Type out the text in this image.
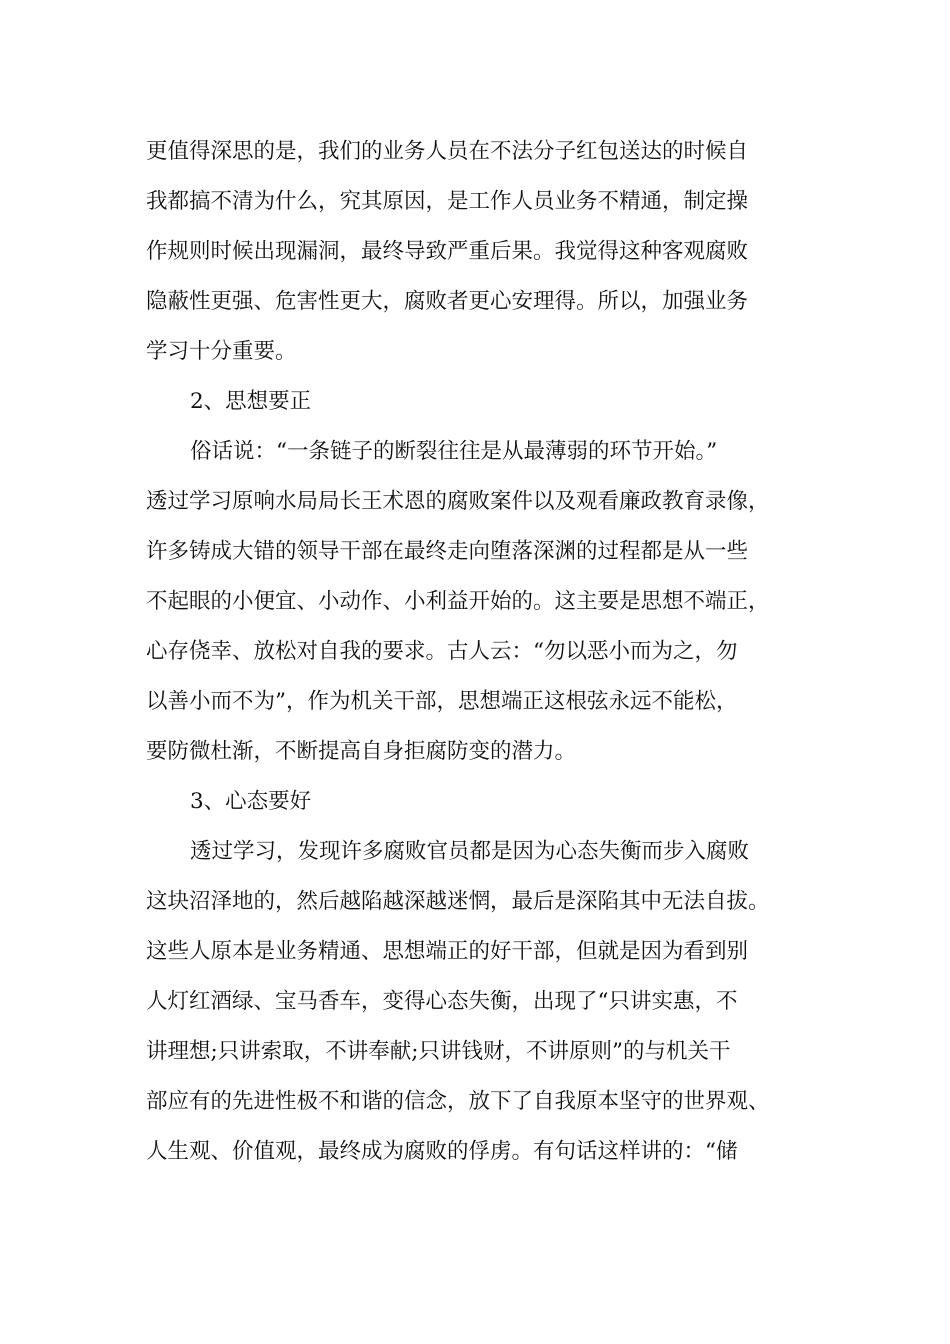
更值得深思的是，我们的业务人员在不法分子红包送达的时候自
我都搞不清为什么，究其原因，是工作人员业务不精通，制定操
作规则时候出现漏洞，最终导致严重后果。我觉得这种客观腐败
隐蔽性更强、危害性更大，腐败者更心安理得。所以，加强业务
学习十分重要。
2、思想要正
俗话说：“一条链子的断裂往往是从最薄弱的环节开始。”
透过学习原响水局局长王术恩的腐败案件以及观看廉政教育录像，
许多铸成大错的领导干部在最终走向堕落深渊的过程都是从一些
不起眼的小便宜、小动作、小利益开始的。这主要是思想不端正，
心存侥幸、放松对自我的要求。古人云：“勿以恶小而为之，勿
以善小而不为”，作为机关干部，思想端正这根弦永远不能松，
要防微杜渐，不断提高自身拒腐防变的潜力。
3、心态要好
透过学习，发现许多腐败官员都是因为心态失衡而步入腐败
这块沼泽地的，然后越陷越深越迷惘，最后是深陷其中无法自拔。
这些人原本是业务精通、思想端正的好干部，但就是因为看到别
人灯红酒绿、宝马香车，变得心态失衡，出现了“只讲实惠，不
讲理想;只讲索取，不讲奉献;只讲钱财，不讲原则”的与机关干
部应有的先进性极不和谐的信念，放下了自我原本坚守的世界观、
人生观、价值观，最终成为腐败的俘虏。有句话这样讲的：“储
